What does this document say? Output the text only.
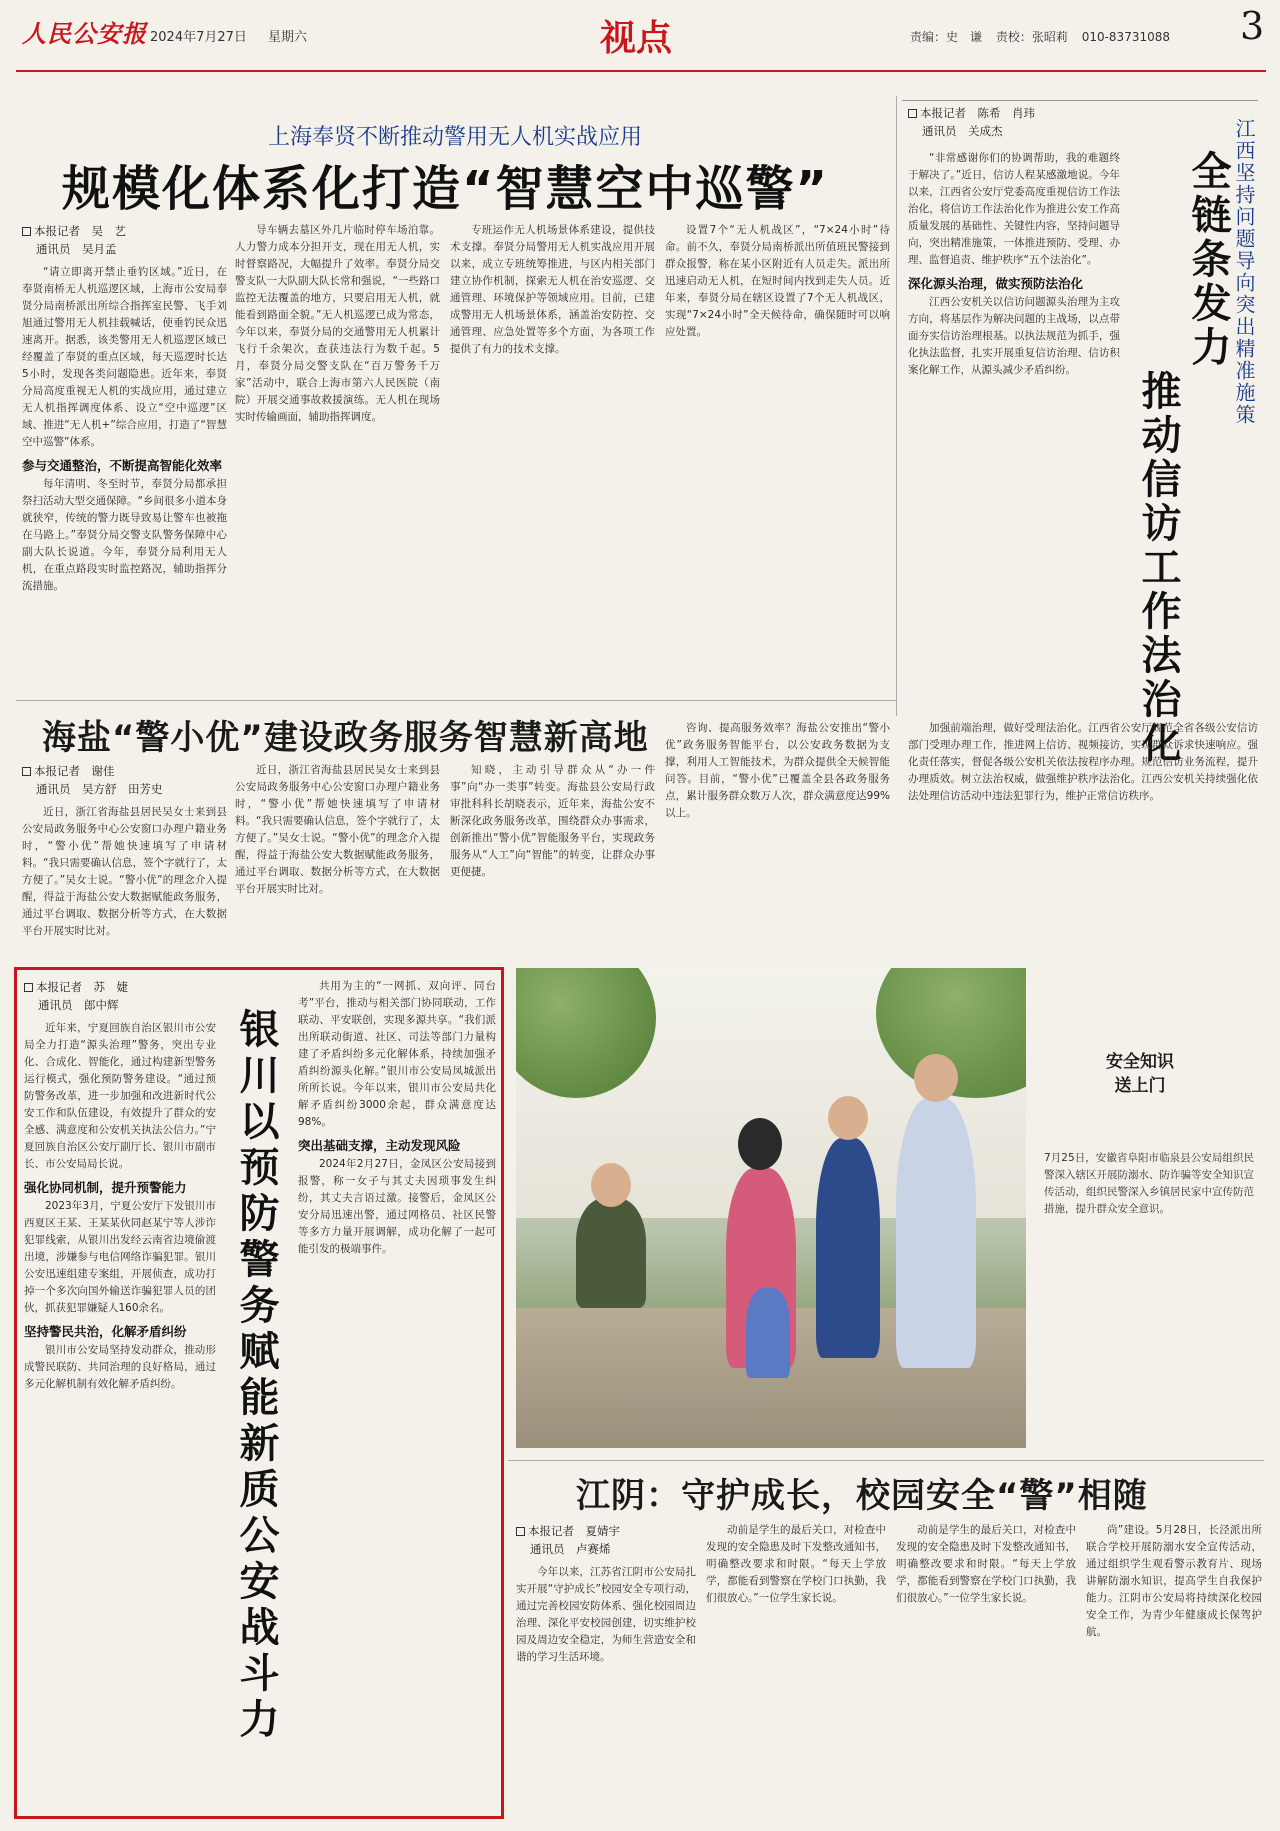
人民公安报 2024年7月27日 星期六	视点	责编：史　谦 责校：张昭莉 010-83731088 3
上海奉贤不断推动警用无人机实战应用
规模化体系化打造“智慧空中巡警”
本报记者　吴　艺
通讯员　吴月孟

“请立即离开禁止垂钓区域。”近日，在奉贤南桥无人机巡逻区域，上海市公安局奉贤分局南桥派出所综合指挥室民警、飞手刘旭通过警用无人机挂载喊话，使垂钓民众迅速离开。据悉，该类警用无人机巡逻区域已经覆盖了奉贤的重点区域，每天巡逻时长达5小时，发现各类问题隐患。近年来，奉贤分局高度重视无人机的实战应用，通过建立无人机指挥调度体系、设立“空中巡逻”区域、推进“无人机+”综合应用，打造了“智慧空中巡警”体系。

参与交通整治，不断提高智能化效率

每年清明、冬至时节，奉贤分局都承担祭扫活动大型交通保障。“乡间很多小道本身就狭窄，传统的警力既导致易让警车也被拖在马路上。”奉贤分局交警支队警务保障中心副大队长说道。今年，奉贤分局利用无人机，在重点路段实时监控路况，辅助指挥分流措施。

导车辆去墓区外几片临时停车场泊靠。人力警力成本分担开支，现在用无人机，实时督察路况，大幅提升了效率。奉贤分局交警支队一大队副大队长常和强说，“一些路口监控无法覆盖的地方，只要启用无人机，就能看到路面全貌。”无人机巡逻已成为常态，今年以来，奉贤分局的交通警用无人机累计飞行千余架次，查获违法行为数千起。5月，奉贤分局交警支队在“百万警务千万家”活动中，联合上海市第六人民医院（南院）开展交通事故救援演练。无人机在现场实时传输画面，辅助指挥调度。

专班运作无人机场景体系建设，提供技术支撑。奉贤分局警用无人机实战应用开展以来，成立专班统筹推进，与区内相关部门建立协作机制，探索无人机在治安巡逻、交通管理、环境保护等领域应用。目前，已建成警用无人机场景体系，涵盖治安防控、交通管理、应急处置等多个方面，为各项工作提供了有力的技术支撑。

设置7个“无人机战区”，“7×24小时”待命。前不久，奉贤分局南桥派出所值班民警接到群众报警，称在某小区附近有人员走失。派出所迅速启动无人机，在短时间内找到走失人员。近年来，奉贤分局在辖区设置了7个无人机战区，实现“7×24小时”全天候待命，确保随时可以响应处置。

本报记者　陈希　肖玮
通讯员　关成杰	江西坚持问题导向突出精准施策
全链条发力
推动信访工作法治化

“非常感谢你们的协调帮助，我的难题终于解决了。”近日，信访人程某感激地说。今年以来，江西省公安厅党委高度重视信访工作法治化，将信访工作法治化作为推进公安工作高质量发展的基础性、关键性内容，坚持问题导向，突出精准施策，一体推进预防、受理、办理、监督追责、维护秩序“五个法治化”。

深化源头治理，做实预防法治化

江西公安机关以信访问题源头治理为主攻方向，将基层作为解决问题的主战场，以点带面夯实信访治理根基。以执法规范为抓手，强化执法监督，扎实开展重复信访治理、信访积案化解工作，从源头减少矛盾纠纷。

加强前端治理，做好受理法治化。江西省公安厅规范全省各级公安信访部门受理办理工作，推进网上信访、视频接访，实现群众诉求快速响应。强化责任落实，督促各级公安机关依法按程序办理。规范信访业务流程，提升办理质效。树立法治权威，做强维护秩序法治化。江西公安机关持续强化依法处理信访活动中违法犯罪行为，维护正常信访秩序。

海盐“警小优”建设政务服务智慧新高地
本报记者　谢佳
通讯员　吴方舒　田芳史

近日，浙江省海盐县居民吴女士来到县公安局政务服务中心公安窗口办理户籍业务时，“警小优”帮她快速填写了申请材料。“我只需要确认信息，签个字就行了，太方便了。”吴女士说。“警小优”的理念介入提醒，得益于海盐公安大数据赋能政务服务，通过平台调取、数据分析等方式，在大数据平台开展实时比对。

近日，浙江省海盐县居民吴女士来到县公安局政务服务中心公安窗口办理户籍业务时，“警小优”帮她快速填写了申请材料。“我只需要确认信息，签个字就行了，太方便了。”吴女士说。“警小优”的理念介入提醒，得益于海盐公安大数据赋能政务服务，通过平台调取、数据分析等方式，在大数据平台开展实时比对。

知晓，主动引导群众从“办一件事”向“办一类事”转变。海盐县公安局行政审批科科长胡晓表示，近年来，海盐公安不断深化政务服务改革，围绕群众办事需求，创新推出“警小优”智能服务平台，实现政务服务从“人工”向“智能”的转变，让群众办事更便捷。

咨询、提高服务效率？海盐公安推出“警小优”政务服务智能平台，以公安政务数据为支撑，利用人工智能技术，为群众提供全天候智能问答。目前，“警小优”已覆盖全县各政务服务点，累计服务群众数万人次，群众满意度达99%以上。

本报记者　苏　婕
通讯员　郎中辉

近年来，宁夏回族自治区银川市公安局全力打造“源头治理”警务，突出专业化、合成化、智能化，通过构建新型警务运行模式，强化预防警务建设。“通过预防警务改革，进一步加强和改进新时代公安工作和队伍建设，有效提升了群众的安全感、满意度和公安机关执法公信力。”宁夏回族自治区公安厅副厅长、银川市副市长、市公安局局长说。

强化协同机制，提升预警能力

2023年3月，宁夏公安厅下发银川市西夏区王某、王某某伙同赵某宁等人涉诈犯罪线索，从银川出发经云南省边境偷渡出境，涉嫌参与电信网络诈骗犯罪。银川公安迅速组建专案组，开展侦查，成功打掉一个多次向国外输送诈骗犯罪人员的团伙，抓获犯罪嫌疑人160余名。

坚持警民共治，化解矛盾纠纷

银川市公安局坚持发动群众，推动形成警民联防、共同治理的良好格局，通过多元化解机制有效化解矛盾纠纷。	银川以预防警务赋能新质公安战斗力

共用为主的“一网抓、双向评、同台考”平台，推动与相关部门协同联动，工作联动、平安联创，实现多源共享。“我们派出所联动街道、社区、司法等部门力量构建了矛盾纠纷多元化解体系，持续加强矛盾纠纷源头化解。”银川市公安局凤城派出所所长说。今年以来，银川市公安局共化解矛盾纠纷3000余起，群众满意度达98%。

突出基础支撑，主动发现风险

2024年2月27日，金凤区公安局接到报警，称一女子与其丈夫因琐事发生纠纷，其丈夫言语过激。接警后，金凤区公安分局迅速出警，通过网格员、社区民警等多方力量开展调解，成功化解了一起可能引发的极端事件。

安全知识
送上门
7月25日，安徽省阜阳市临泉县公安局组织民警深入辖区开展防溺水、防诈骗等安全知识宣传活动，组织民警深入乡镇居民家中宣传防范措施，提升群众安全意识。
江阴：守护成长，校园安全“警”相随
本报记者　夏婧宇
通讯员　卢赛烯

今年以来，江苏省江阴市公安局扎实开展“守护成长”校园安全专项行动，通过完善校园安防体系、强化校园周边治理、深化平安校园创建，切实维护校园及周边安全稳定，为师生营造安全和谐的学习生活环境。

动前是学生的最后关口，对检查中发现的安全隐患及时下发整改通知书，明确整改要求和时限。“每天上学放学，都能看到警察在学校门口执勤，我们很放心。”一位学生家长说。

动前是学生的最后关口，对检查中发现的安全隐患及时下发整改通知书，明确整改要求和时限。“每天上学放学，都能看到警察在学校门口执勤，我们很放心。”一位学生家长说。

尚”建设。5月28日，长泾派出所联合学校开展防溺水安全宣传活动，通过组织学生观看警示教育片、现场讲解防溺水知识，提高学生自我保护能力。江阴市公安局将持续深化校园安全工作，为青少年健康成长保驾护航。
